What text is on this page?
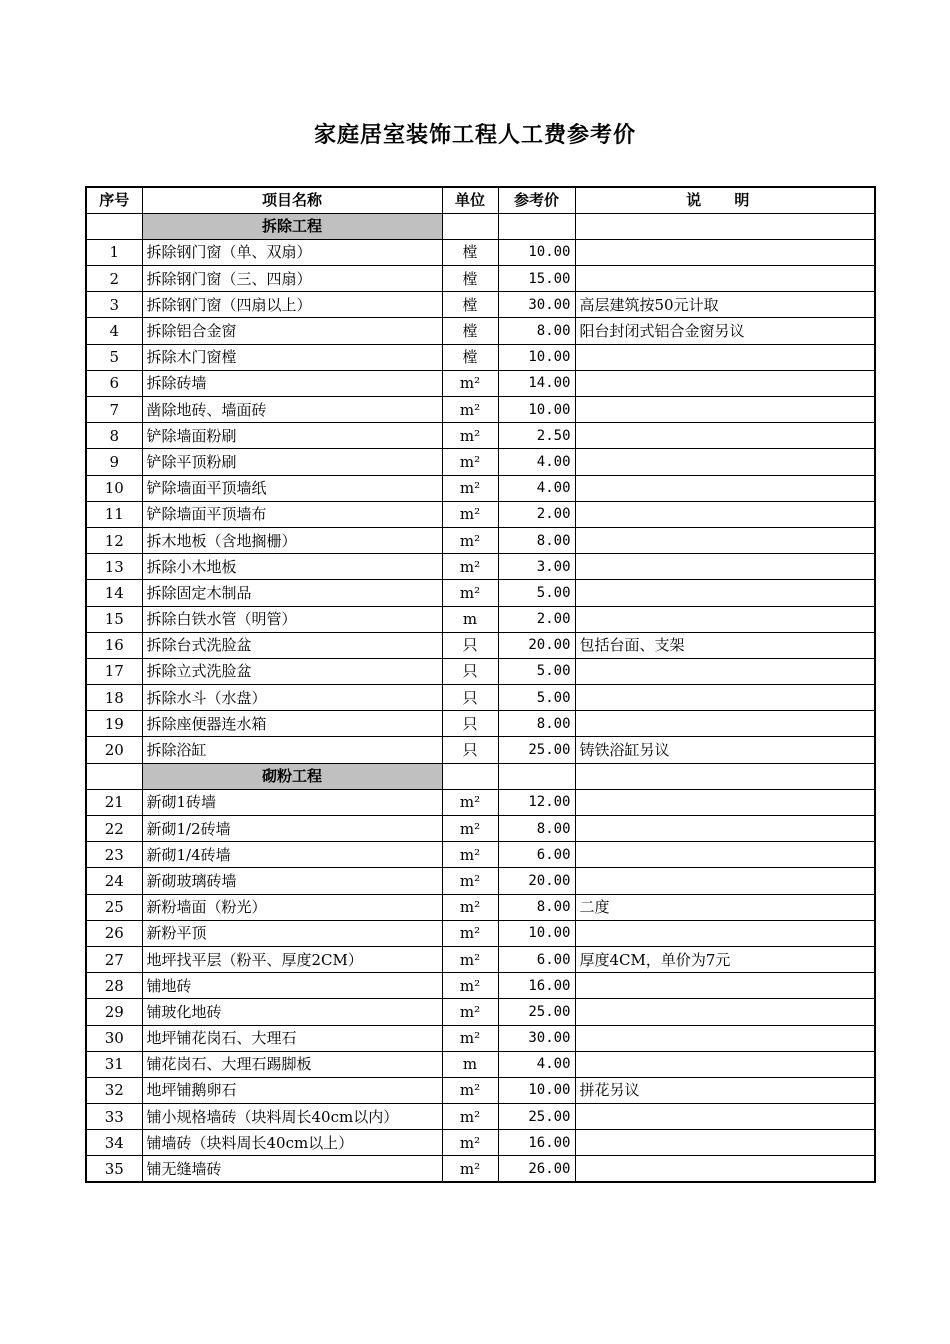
家庭居室装饰工程人工费参考价
序号	项目名称	单位	参考价	说 明
	拆除工程			
1	拆除钢门窗（单、双扇）	樘	10.00	
2	拆除钢门窗（三、四扇）	樘	15.00	
3	拆除钢门窗（四扇以上）	樘	30.00	高层建筑按50元计取
4	拆除铝合金窗	樘	8.00	阳台封闭式铝合金窗另议
5	拆除木门窗樘	樘	10.00	
6	拆除砖墙	m²	14.00	
7	凿除地砖、墙面砖	m²	10.00	
8	铲除墙面粉刷	m²	2.50	
9	铲除平顶粉刷	m²	4.00	
10	铲除墙面平顶墙纸	m²	4.00	
11	铲除墙面平顶墙布	m²	2.00	
12	拆木地板（含地搁栅）	m²	8.00	
13	拆除小木地板	m²	3.00	
14	拆除固定木制品	m²	5.00	
15	拆除白铁水管（明管）	m	2.00	
16	拆除台式洗脸盆	只	20.00	包括台面、支架
17	拆除立式洗脸盆	只	5.00	
18	拆除水斗（水盘）	只	5.00	
19	拆除座便器连水箱	只	8.00	
20	拆除浴缸	只	25.00	铸铁浴缸另议
	砌粉工程			
21	新砌1砖墙	m²	12.00	
22	新砌1/2砖墙	m²	8.00	
23	新砌1/4砖墙	m²	6.00	
24	新砌玻璃砖墙	m²	20.00	
25	新粉墙面（粉光）	m²	8.00	二度
26	新粉平顶	m²	10.00	
27	地坪找平层（粉平、厚度2CM）	m²	6.00	厚度4CM，单价为7元
28	铺地砖	m²	16.00	
29	铺玻化地砖	m²	25.00	
30	地坪铺花岗石、大理石	m²	30.00	
31	铺花岗石、大理石踢脚板	m	4.00	
32	地坪铺鹅卵石	m²	10.00	拼花另议
33	铺小规格墙砖（块料周长40cm以内）	m²	25.00	
34	铺墙砖（块料周长40cm以上）	m²	16.00	
35	铺无缝墙砖	m²	26.00	
